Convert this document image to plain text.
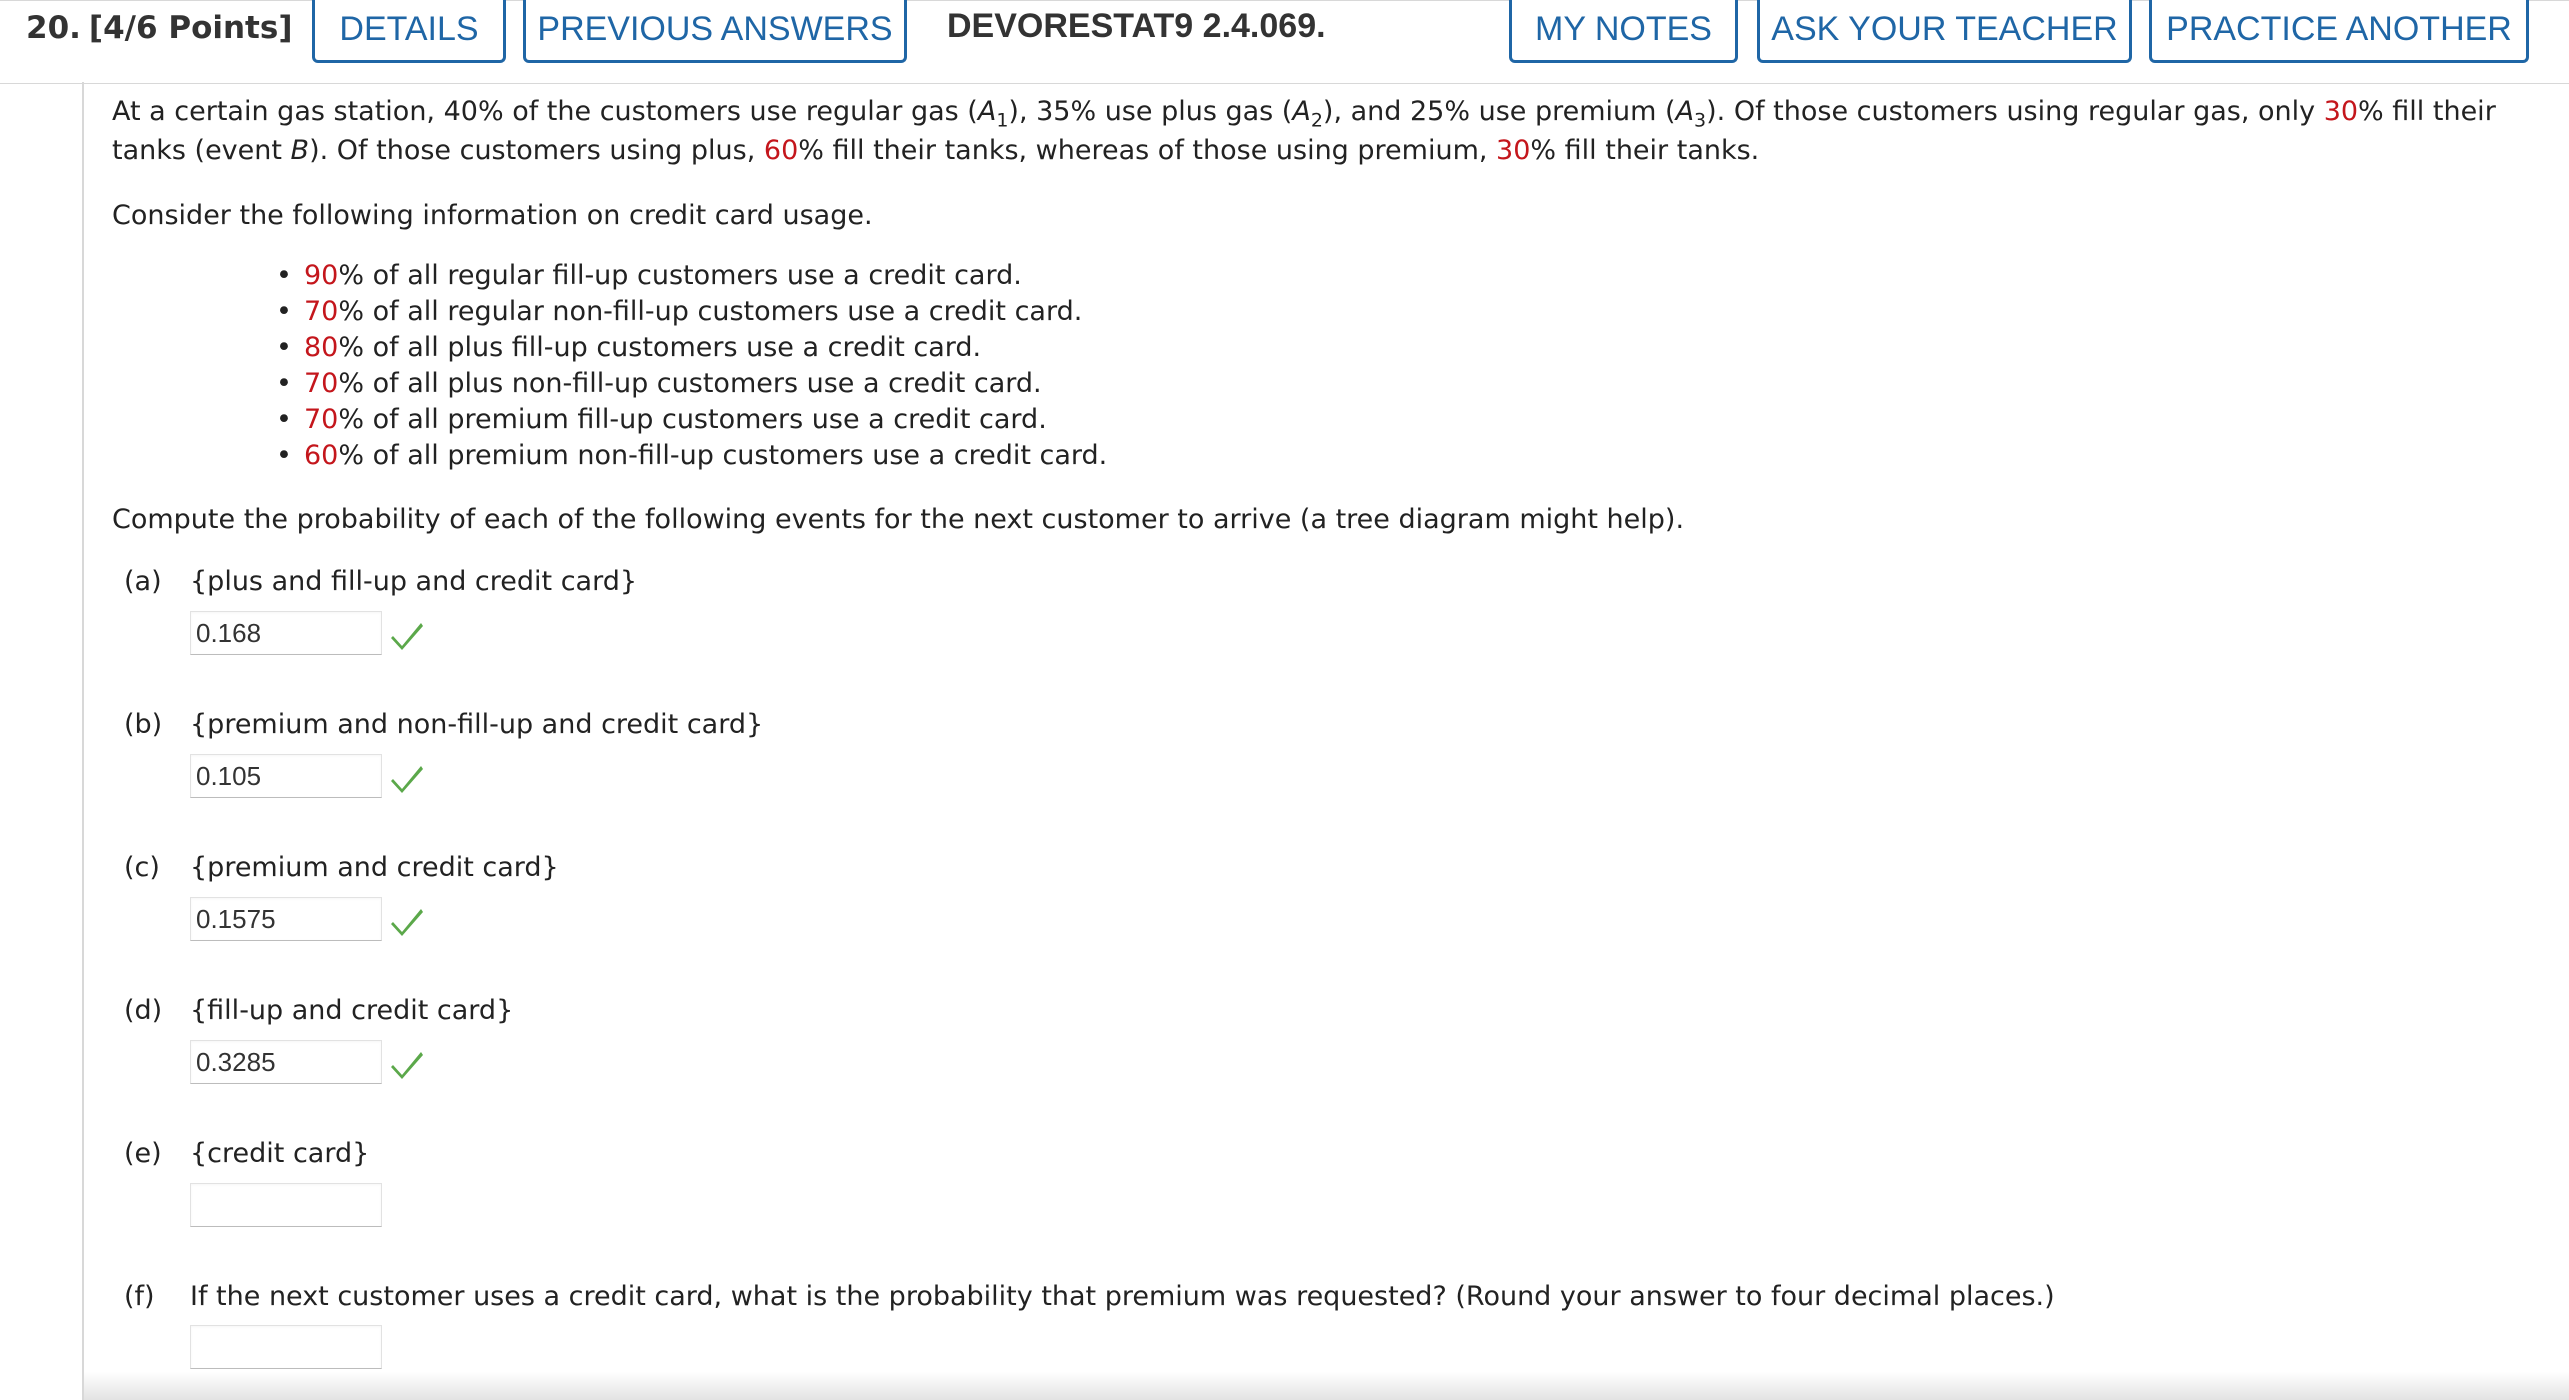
20. [4/6 Points]	DETAILS	PREVIOUS ANSWERS	DEVORESTAT9 2.4.069.	MY NOTES	ASK YOUR TEACHER	PRACTICE ANOTHER
At a certain gas station, 40% of the customers use regular gas $(A_1)$, 35% use plus gas $(A_2)$, and 25% use premium $(A_3)$. Of those customers using regular gas, only 30% fill their tanks (event B). Of those customers using plus, 60% fill their tanks, whereas of those using premium, 30% fill their tanks.
Consider the following information on credit card usage.
• 90% of all regular fill-up customers use a credit card.
• 70% of all regular non-fill-up customers use a credit card.
• 80% of all plus fill-up customers use a credit card.
• 70% of all plus non-fill-up customers use a credit card.
• 70% of all premium fill-up customers use a credit card.
• 60% of all premium non-fill-up customers use a credit card.
Compute the probability of each of the following events for the next customer to arrive (a tree diagram might help).
(a) {plus and fill-up and credit card}
0.168
(b) {premium and non-fill-up and credit card}
0.105
(c) {premium and credit card}
0.1575
(d) {fill-up and credit card}
0.3285
(e) {credit card}
(f) If the next customer uses a credit card, what is the probability that premium was requested? (Round your answer to four decimal places.)
